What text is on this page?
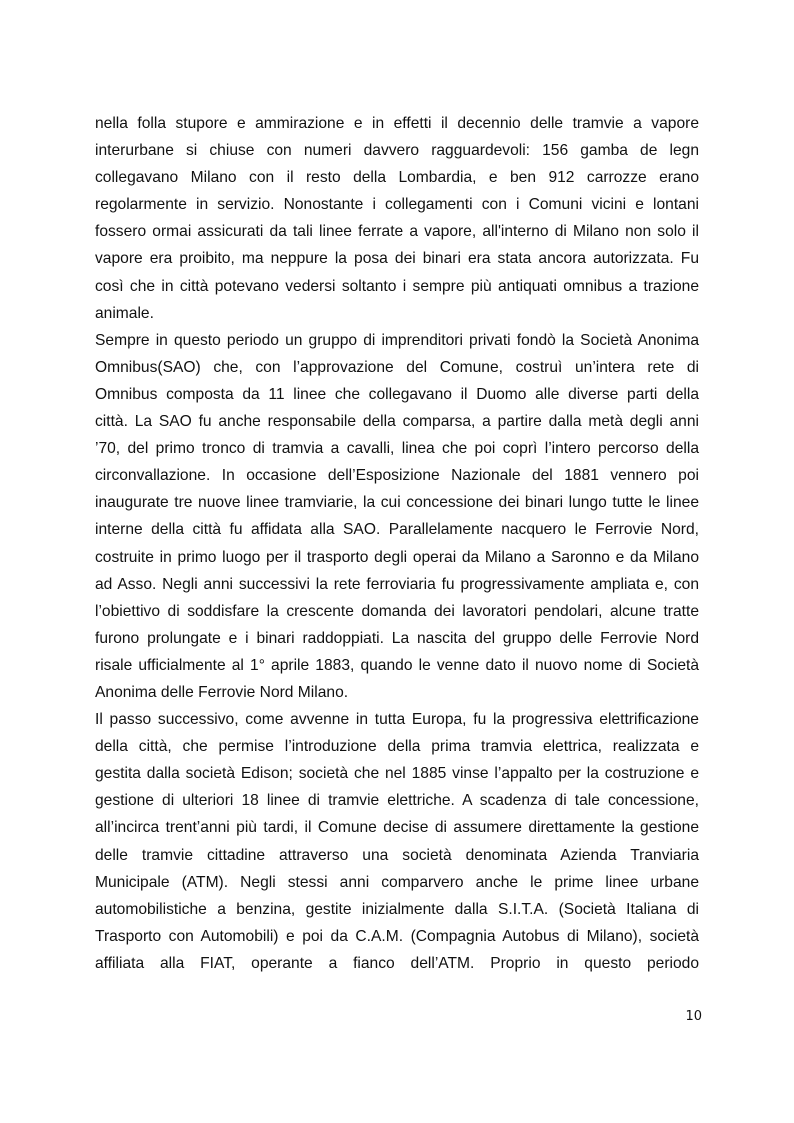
nella folla stupore e ammirazione e in effetti il decennio delle tramvie a vapore
interurbane si chiuse con numeri davvero ragguardevoli: 156 gamba de legn
collegavano Milano con il resto della Lombardia, e ben 912 carrozze erano
regolarmente in servizio. Nonostante i collegamenti con i Comuni vicini e lontani
fossero ormai assicurati da tali linee ferrate a vapore, all'interno di Milano non solo il
vapore era proibito, ma neppure la posa dei binari era stata ancora autorizzata. Fu
così che in città potevano vedersi soltanto i sempre più antiquati omnibus a trazione
animale.
Sempre in questo periodo un gruppo di imprenditori privati fondò la Società Anonima
Omnibus(SAO) che, con l’approvazione del Comune, costruì un’intera rete di
Omnibus composta da 11 linee che collegavano il Duomo alle diverse parti della
città. La SAO fu anche responsabile della comparsa, a partire dalla metà degli anni
’70, del primo tronco di tramvia a cavalli, linea che poi coprì l’intero percorso della
circonvallazione. In occasione dell’Esposizione Nazionale del 1881 vennero poi
inaugurate tre nuove linee tramviarie, la cui concessione dei binari lungo tutte le linee
interne della città fu affidata alla SAO. Parallelamente nacquero le Ferrovie Nord,
costruite in primo luogo per il trasporto degli operai da Milano a Saronno e da Milano
ad Asso. Negli anni successivi la rete ferroviaria fu progressivamente ampliata e, con
l’obiettivo di soddisfare la crescente domanda dei lavoratori pendolari, alcune tratte
furono prolungate e i binari raddoppiati. La nascita del gruppo delle Ferrovie Nord
risale ufficialmente al 1° aprile 1883, quando le venne dato il nuovo nome di Società
Anonima delle Ferrovie Nord Milano.
Il passo successivo, come avvenne in tutta Europa, fu la progressiva elettrificazione
della città, che permise l’introduzione della prima tramvia elettrica, realizzata e
gestita dalla società Edison; società che nel 1885 vinse l’appalto per la costruzione e
gestione di ulteriori 18 linee di tramvie elettriche. A scadenza di tale concessione,
all’incirca trent’anni più tardi, il Comune decise di assumere direttamente la gestione
delle tramvie cittadine attraverso una società denominata Azienda Tranviaria
Municipale (ATM). Negli stessi anni comparvero anche le prime linee urbane
automobilistiche a benzina, gestite inizialmente dalla S.I.T.A. (Società Italiana di
Trasporto con Automobili) e poi da C.A.M. (Compagnia Autobus di Milano), società
affiliata alla FIAT, operante a fianco dell’ATM. Proprio in questo periodo
10
